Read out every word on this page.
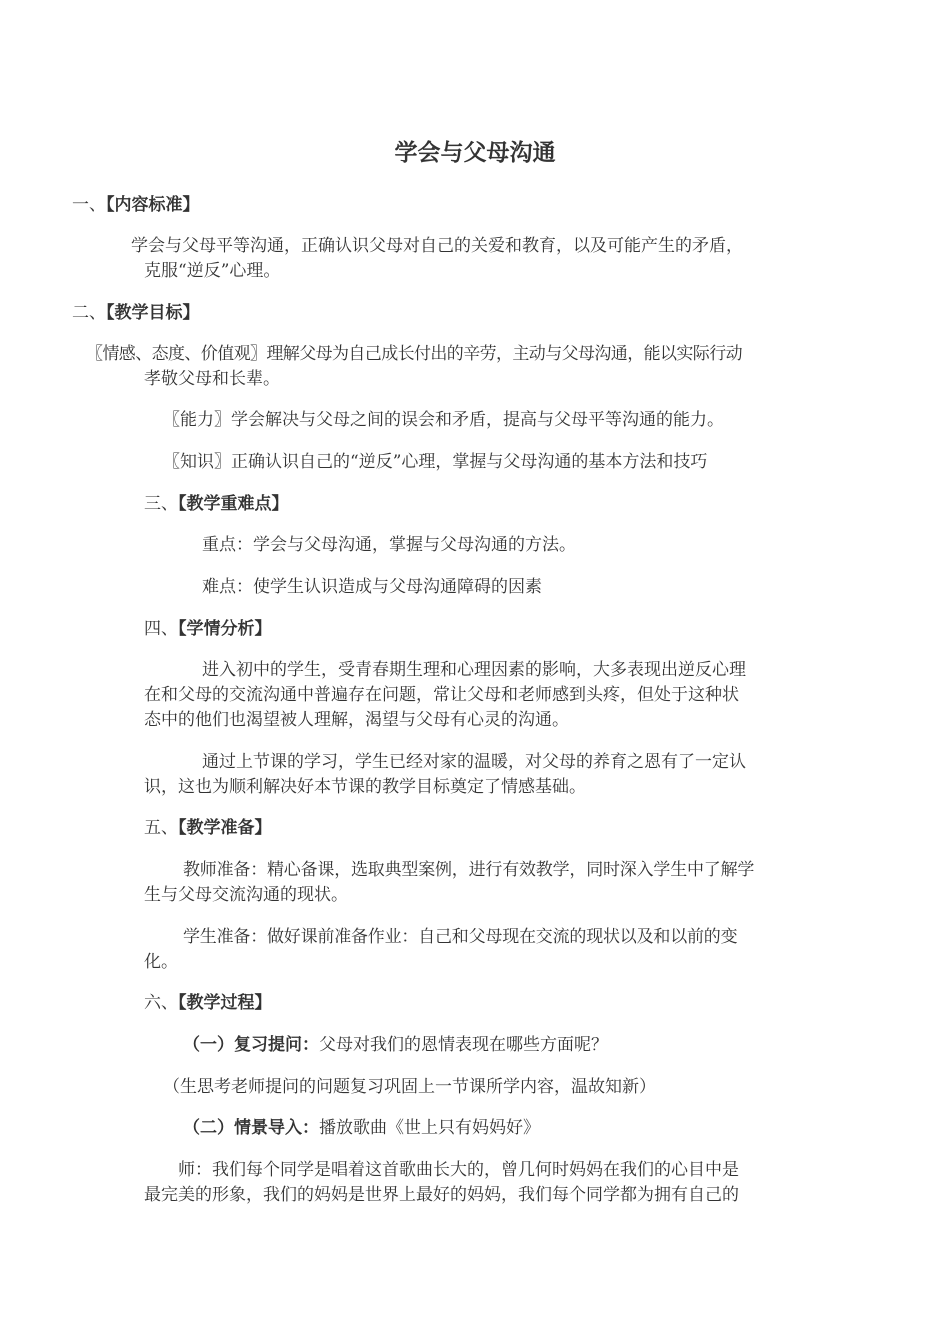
学会与父母沟通
一、【内容标准】
学会与父母平等沟通，正确认识父母对自己的关爱和教育，以及可能产生的矛盾，
克服“逆反”心理。
二、【教学目标】
〖情感、态度、价值观〗理解父母为自己成长付出的辛劳，主动与父母沟通，能以实际行动
孝敬父母和长辈。
〖能力〗学会解决与父母之间的误会和矛盾，提高与父母平等沟通的能力。
〖知识〗正确认识自己的“逆反”心理，掌握与父母沟通的基本方法和技巧
三、【教学重难点】
重点：学会与父母沟通，掌握与父母沟通的方法。
难点：使学生认识造成与父母沟通障碍的因素
四、【学情分析】
进入初中的学生，受青春期生理和心理因素的影响，大多表现出逆反心理
在和父母的交流沟通中普遍存在问题，常让父母和老师感到头疼，但处于这种状
态中的他们也渴望被人理解，渴望与父母有心灵的沟通。
通过上节课的学习，学生已经对家的温暖，对父母的养育之恩有了一定认
识，这也为顺利解决好本节课的教学目标奠定了情感基础。
五、【教学准备】
教师准备：精心备课，选取典型案例，进行有效教学，同时深入学生中了解学
生与父母交流沟通的现状。
学生准备：做好课前准备作业：自己和父母现在交流的现状以及和以前的变
化。
六、【教学过程】
（一）复习提问：父母对我们的恩情表现在哪些方面呢？
（生思考老师提问的问题复习巩固上一节课所学内容，温故知新）
（二）情景导入：播放歌曲《世上只有妈妈好》
师：我们每个同学是唱着这首歌曲长大的，曾几何时妈妈在我们的心目中是
最完美的形象，我们的妈妈是世界上最好的妈妈，我们每个同学都为拥有自己的
